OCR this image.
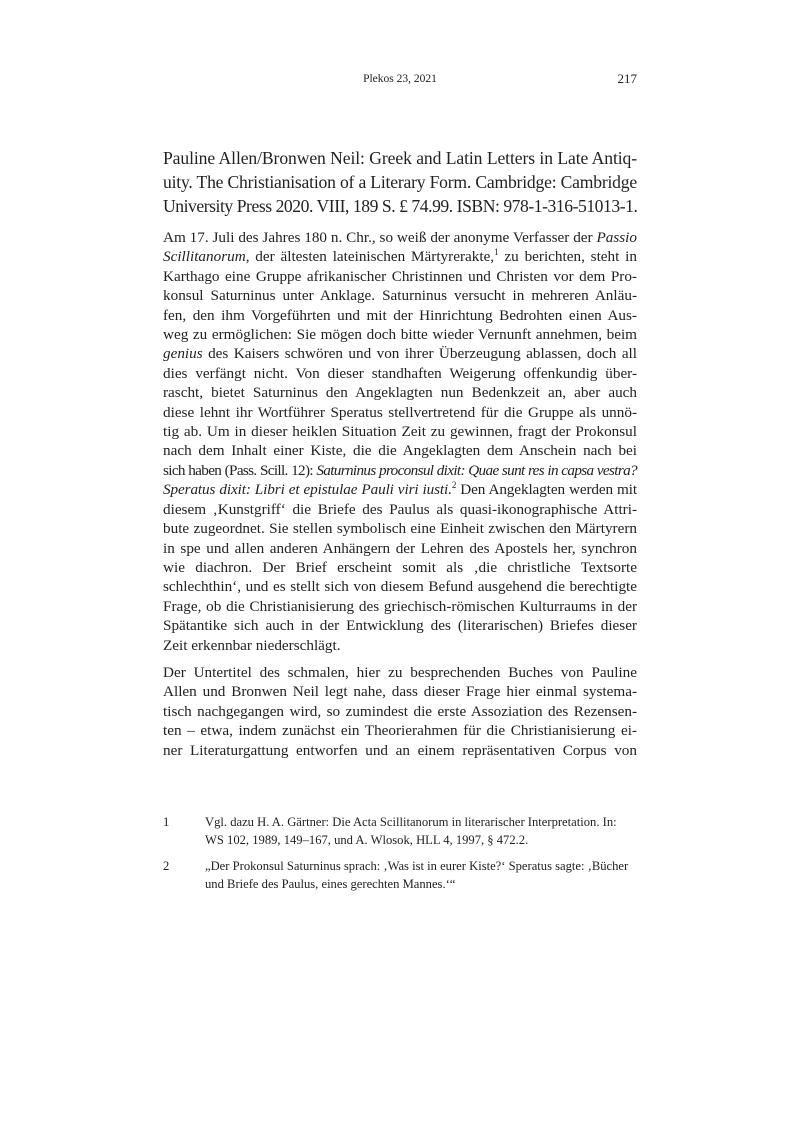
Plekos 23, 2021	217
Pauline Allen/Bronwen Neil: Greek and Latin Letters in Late Antiq-
uity. The Christianisation of a Literary Form. Cambridge: Cambridge
University Press 2020. VIII, 189 S. £ 74.99. ISBN: 978-1-316-51013-1.
Am 17. Juli des Jahres 180 n. Chr., so weiß der anonyme Verfasser der Passio
Scillitanorum, der ältesten lateinischen Märtyrerakte,$^1$ zu berichten, steht in
Karthago eine Gruppe afrikanischer Christinnen und Christen vor dem Pro-
konsul Saturninus unter Anklage. Saturninus versucht in mehreren Anläu-
fen, den ihm Vorgeführten und mit der Hinrichtung Bedrohten einen Aus-
weg zu ermöglichen: Sie mögen doch bitte wieder Vernunft annehmen, beim
genius des Kaisers schwören und von ihrer Überzeugung ablassen, doch all
dies verfängt nicht. Von dieser standhaften Weigerung offenkundig über-
rascht, bietet Saturninus den Angeklagten nun Bedenkzeit an, aber auch
diese lehnt ihr Wortführer Speratus stellvertretend für die Gruppe als unnö-
tig ab. Um in dieser heiklen Situation Zeit zu gewinnen, fragt der Prokonsul
nach dem Inhalt einer Kiste, die die Angeklagten dem Anschein nach bei
sich haben (Pass. Scill. 12): Saturninus proconsul dixit: Quae sunt res in capsa vestra?
Speratus dixit: Libri et epistulae Pauli viri iusti.$^2$ Den Angeklagten werden mit
diesem ‚Kunstgriff‘ die Briefe des Paulus als quasi-ikonographische Attri-
bute zugeordnet. Sie stellen symbolisch eine Einheit zwischen den Märtyrern
in spe und allen anderen Anhängern der Lehren des Apostels her, synchron
wie diachron. Der Brief erscheint somit als ‚die christliche Textsorte
schlechthin‘, und es stellt sich von diesem Befund ausgehend die berechtigte
Frage, ob die Christianisierung des griechisch-römischen Kulturraums in der
Spätantike sich auch in der Entwicklung des (literarischen) Briefes dieser
Zeit erkennbar niederschlägt.
Der Untertitel des schmalen, hier zu besprechenden Buches von Pauline
Allen und Bronwen Neil legt nahe, dass dieser Frage hier einmal systema-
tisch nachgegangen wird, so zumindest die erste Assoziation des Rezensen-
ten – etwa, indem zunächst ein Theorierahmen für die Christianisierung ei-
ner Literaturgattung entworfen und an einem repräsentativen Corpus von
1	Vgl. dazu H. A. Gärtner: Die Acta Scillitanorum in literarischer Interpretation. In: WS 102, 1989, 149–167, und A. Wlosok, HLL 4, 1997, § 472.2.
2	„Der Prokonsul Saturninus sprach: ‚Was ist in eurer Kiste?‘ Speratus sagte: ‚Bücher und Briefe des Paulus, eines gerechten Mannes.‘“
